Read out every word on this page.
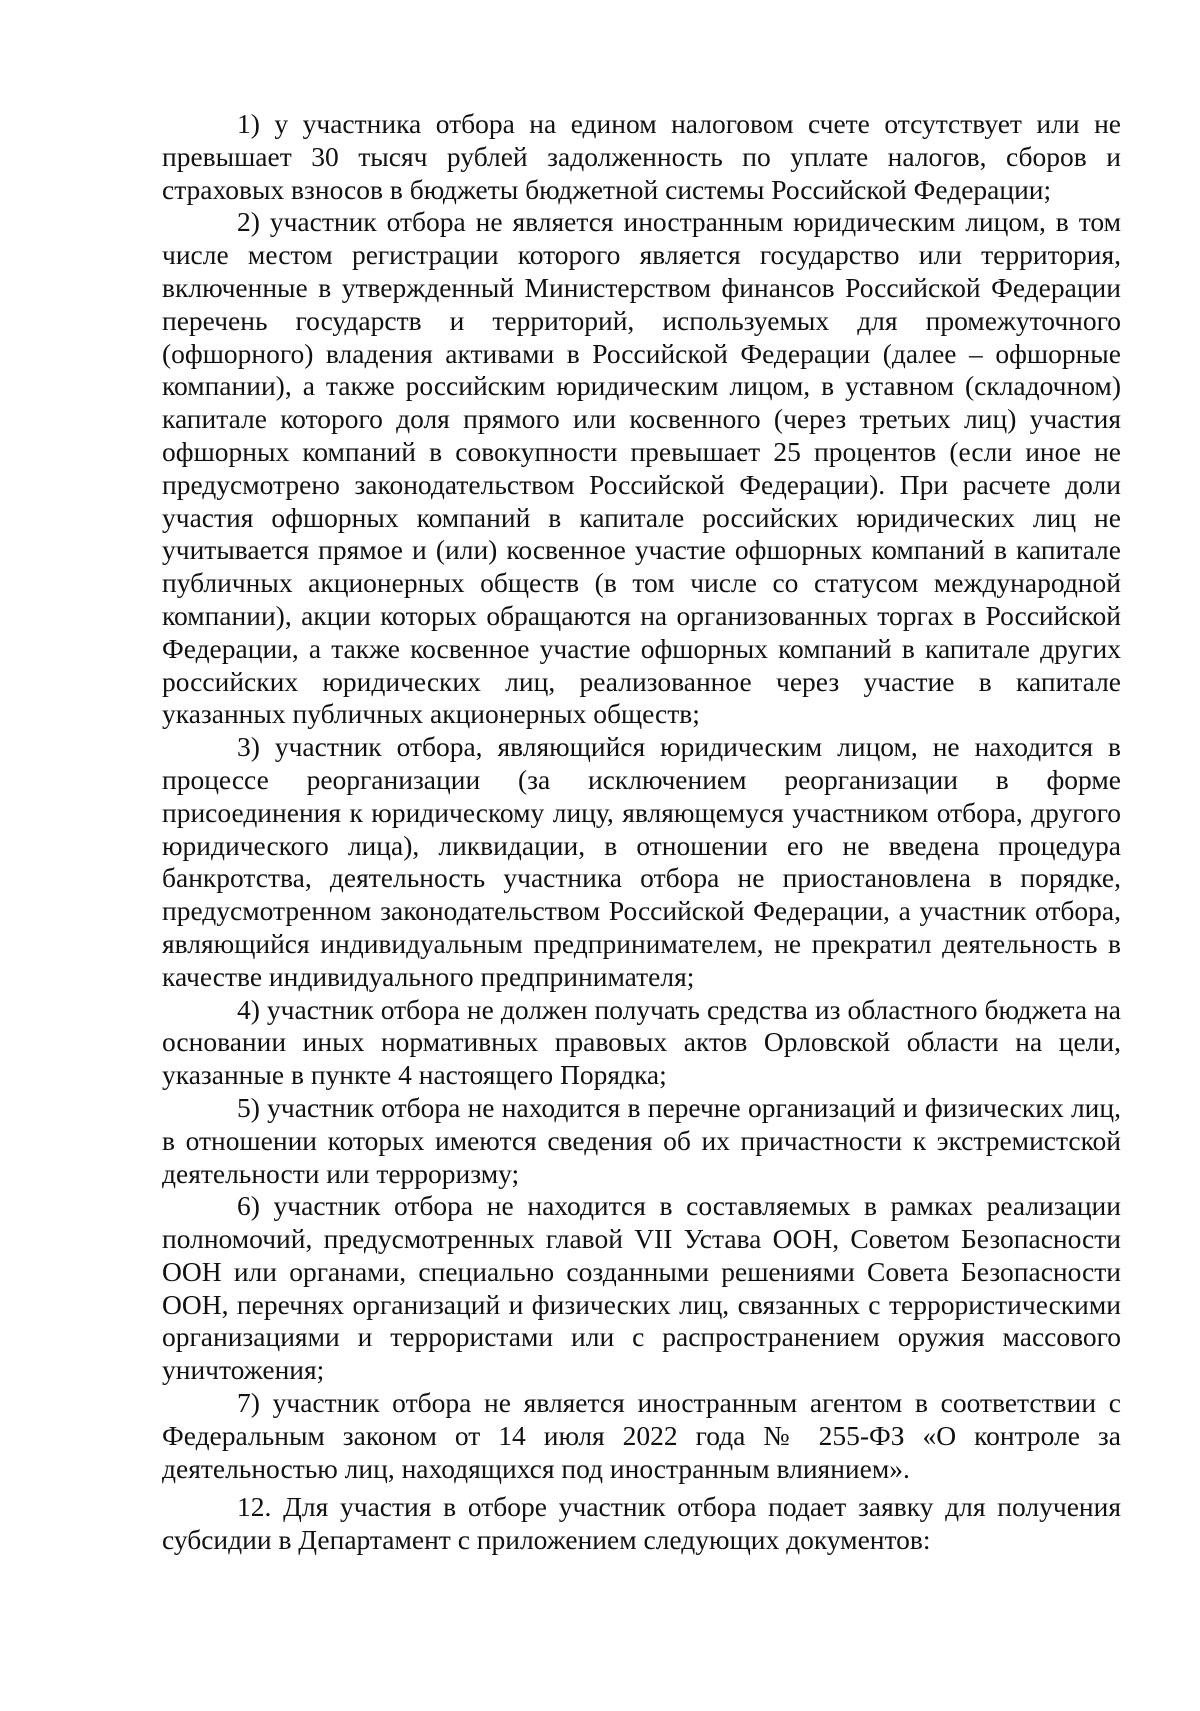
1) у участника отбора на едином налоговом счете отсутствует или не превышает 30 тысяч рублей задолженность по уплате налогов, сборов и страховых взносов в бюджеты бюджетной системы Российской Федерации;

2) участник отбора не является иностранным юридическим лицом, в том числе местом регистрации которого является государство или территория, включенные в утвержденный Министерством финансов Российской Федерации перечень государств и территорий, используемых для промежуточного (офшорного) владения активами в Российской Федерации (далее – офшорные компании), а также российским юридическим лицом, в уставном (складочном) капитале которого доля прямого или косвенного (через третьих лиц) участия офшорных компаний в совокупности превышает 25 процентов (если иное не предусмотрено законодательством Российской Федерации). При расчете доли участия офшорных компаний в капитале российских юридических лиц не учитывается прямое и (или) косвенное участие офшорных компаний в капитале публичных акционерных обществ (в том числе со статусом международной компании), акции которых обращаются на организованных торгах в Российской Федерации, а также косвенное участие офшорных компаний в капитале других российских юридических лиц, реализованное через участие в капитале указанных публичных акционерных обществ;

3) участник отбора, являющийся юридическим лицом, не находится в процессе реорганизации (за исключением реорганизации в форме присоединения к юридическому лицу, являющемуся участником отбора, другого юридического лица), ликвидации, в отношении его не введена процедура банкротства, деятельность участника отбора не приостановлена в порядке, предусмотренном законодательством Российской Федерации, а участник отбора, являющийся индивидуальным предпринимателем, не прекратил деятельность в качестве индивидуального предпринимателя;

4) участник отбора не должен получать средства из областного бюджета на основании иных нормативных правовых актов Орловской области на цели, указанные в пункте 4 настоящего Порядка;

5) участник отбора не находится в перечне организаций и физических лиц, в отношении которых имеются сведения об их причастности к экстремистской деятельности или терроризму;

6) участник отбора не находится в составляемых в рамках реализации полномочий, предусмотренных главой VII Устава ООН, Советом Безопасности ООН или органами, специально созданными решениями Совета Безопасности ООН, перечнях организаций и физических лиц, связанных с террористическими организациями и террористами или с распространением оружия массового уничтожения;

7) участник отбора не является иностранным агентом в соответствии с Федеральным законом от 14 июля 2022 года № 255-ФЗ «О контроле за деятельностью лиц, находящихся под иностранным влиянием».

12. Для участия в отборе участник отбора подает заявку для получения субсидии в Департамент с приложением следующих документов:
